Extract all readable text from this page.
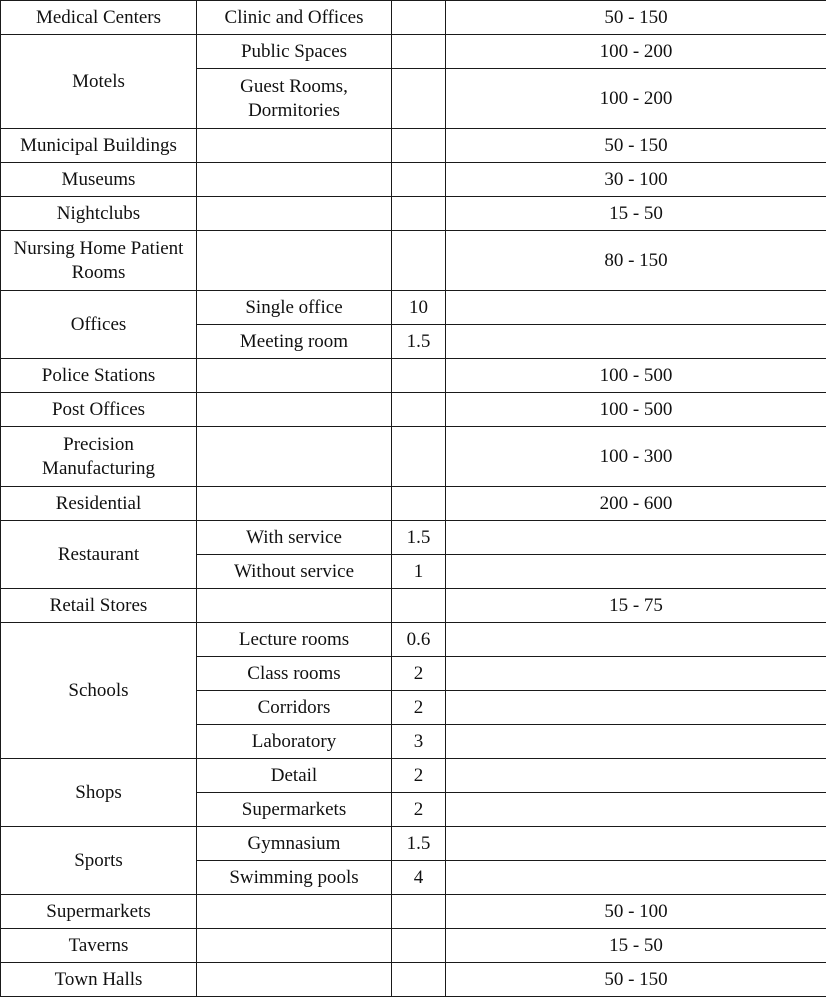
Medical Centers	Clinic and Offices		50 - 150
Motels	Public Spaces		100 - 200
	Guest Rooms, Dormitories		100 - 200
Municipal Buildings			50 - 150
Museums			30 - 100
Nightclubs			15 - 50
Nursing Home Patient Rooms			80 - 150
Offices	Single office	10	
	Meeting room	1.5	
Police Stations			100 - 500
Post Offices			100 - 500
Precision Manufacturing			100 - 300
Residential			200 - 600
Restaurant	With service	1.5	
	Without service	1	
Retail Stores			15 - 75
Schools	Lecture rooms	0.6	
	Class rooms	2	
	Corridors	2	
	Laboratory	3	
Shops	Detail	2	
	Supermarkets	2	
Sports	Gymnasium	1.5	
	Swimming pools	4	
Supermarkets			50 - 100
Taverns			15 - 50
Town Halls			50 - 150
